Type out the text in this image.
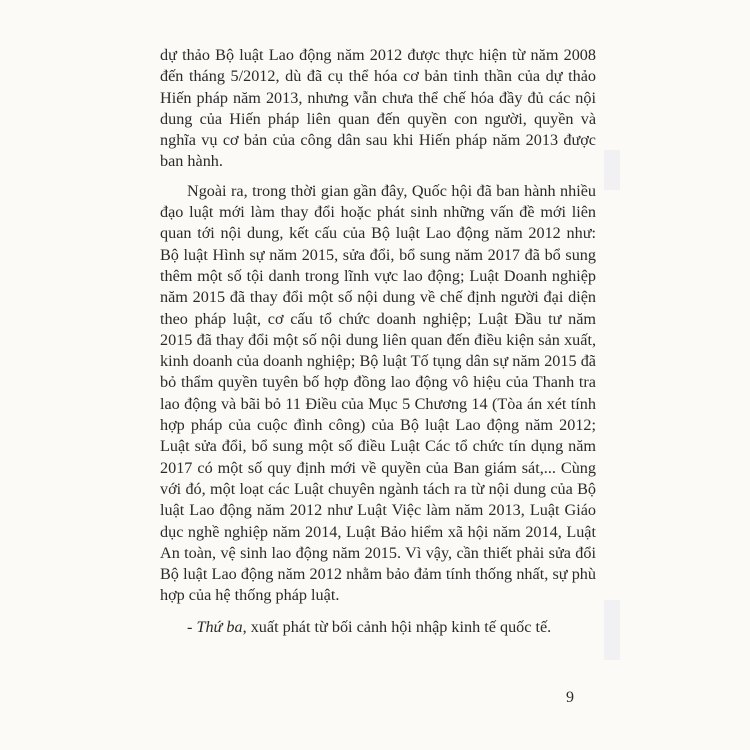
dự thảo Bộ luật Lao động năm 2012 được thực hiện từ năm 2008 đến tháng 5/2012, dù đã cụ thể hóa cơ bản tinh thần của dự thảo Hiến pháp năm 2013, nhưng vẫn chưa thể chế hóa đầy đủ các nội dung của Hiến pháp liên quan đến quyền con người, quyền và nghĩa vụ cơ bản của công dân sau khi Hiến pháp năm 2013 được ban hành.

Ngoài ra, trong thời gian gần đây, Quốc hội đã ban hành nhiều đạo luật mới làm thay đổi hoặc phát sinh những vấn đề mới liên quan tới nội dung, kết cấu của Bộ luật Lao động năm 2012 như: Bộ luật Hình sự năm 2015, sửa đổi, bổ sung năm 2017 đã bổ sung thêm một số tội danh trong lĩnh vực lao động; Luật Doanh nghiệp năm 2015 đã thay đổi một số nội dung về chế định người đại diện theo pháp luật, cơ cấu tổ chức doanh nghiệp; Luật Đầu tư năm 2015 đã thay đổi một số nội dung liên quan đến điều kiện sản xuất, kinh doanh của doanh nghiệp; Bộ luật Tố tụng dân sự năm 2015 đã bỏ thẩm quyền tuyên bố hợp đồng lao động vô hiệu của Thanh tra lao động và bãi bỏ 11 Điều của Mục 5 Chương 14 (Tòa án xét tính hợp pháp của cuộc đình công) của Bộ luật Lao động năm 2012; Luật sửa đổi, bổ sung một số điều Luật Các tổ chức tín dụng năm 2017 có một số quy định mới về quyền của Ban giám sát,... Cùng với đó, một loạt các Luật chuyên ngành tách ra từ nội dung của Bộ luật Lao động năm 2012 như Luật Việc làm năm 2013, Luật Giáo dục nghề nghiệp năm 2014, Luật Bảo hiểm xã hội năm 2014, Luật An toàn, vệ sinh lao động năm 2015. Vì vậy, cần thiết phải sửa đổi Bộ luật Lao động năm 2012 nhằm bảo đảm tính thống nhất, sự phù hợp của hệ thống pháp luật.

- Thứ ba, xuất phát từ bối cảnh hội nhập kinh tế quốc tế.

9
